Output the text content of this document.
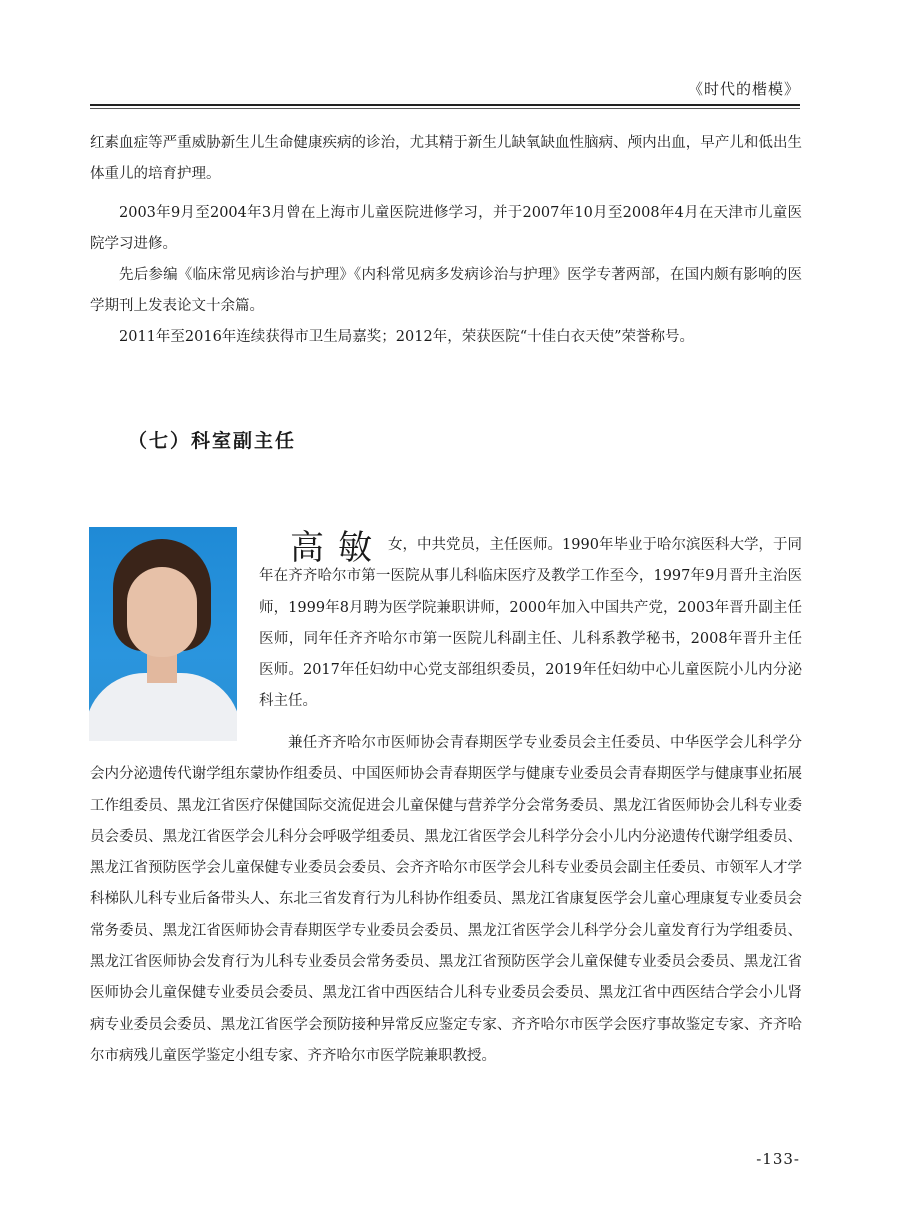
《时代的楷模》
红素血症等严重威胁新生儿生命健康疾病的诊治，尤其精于新生儿缺氧缺血性脑病、颅内出血，早产儿和低出生体重儿的培育护理。
2003年9月至2004年3月曾在上海市儿童医院进修学习，并于2007年10月至2008年4月在天津市儿童医院学习进修。
先后参编《临床常见病诊治与护理》《内科常见病多发病诊治与护理》医学专著两部，在国内颇有影响的医学期刊上发表论文十余篇。
2011年至2016年连续获得市卫生局嘉奖；2012年，荣获医院“十佳白衣天使”荣誉称号。
（七）科室副主任
高敏 女，中共党员，主任医师。1990年毕业于哈尔滨医科大学，于同年在齐齐哈尔市第一医院从事儿科临床医疗及教学工作至今，1997年9月晋升主治医师，1999年8月聘为医学院兼职讲师，2000年加入中国共产党，2003年晋升副主任医师，同年任齐齐哈尔市第一医院儿科副主任、儿科系教学秘书，2008年晋升主任医师。2017年任妇幼中心党支部组织委员，2019年任妇幼中心儿童医院小儿内分泌科主任。
兼任齐齐哈尔市医师协会青春期医学专业委员会主任委员、中华医学会儿科学分会内分泌遗传代谢学组东蒙协作组委员、中国医师协会青春期医学与健康专业委员会青春期医学与健康事业拓展工作组委员、黑龙江省医疗保健国际交流促进会儿童保健与营养学分会常务委员、黑龙江省医师协会儿科专业委员会委员、黑龙江省医学会儿科分会呼吸学组委员、黑龙江省医学会儿科学分会小儿内分泌遗传代谢学组委员、黑龙江省预防医学会儿童保健专业委员会委员、会齐齐哈尔市医学会儿科专业委员会副主任委员、市领军人才学科梯队儿科专业后备带头人、东北三省发育行为儿科协作组委员、黑龙江省康复医学会儿童心理康复专业委员会常务委员、黑龙江省医师协会青春期医学专业委员会委员、黑龙江省医学会儿科学分会儿童发育行为学组委员、黑龙江省医师协会发育行为儿科专业委员会常务委员、黑龙江省预防医学会儿童保健专业委员会委员、黑龙江省医师协会儿童保健专业委员会委员、黑龙江省中西医结合儿科专业委员会委员、黑龙江省中西医结合学会小儿肾病专业委员会委员、黑龙江省医学会预防接种异常反应鉴定专家、齐齐哈尔市医学会医疗事故鉴定专家、齐齐哈尔市病残儿童医学鉴定小组专家、齐齐哈尔市医学院兼职教授。
-133-
